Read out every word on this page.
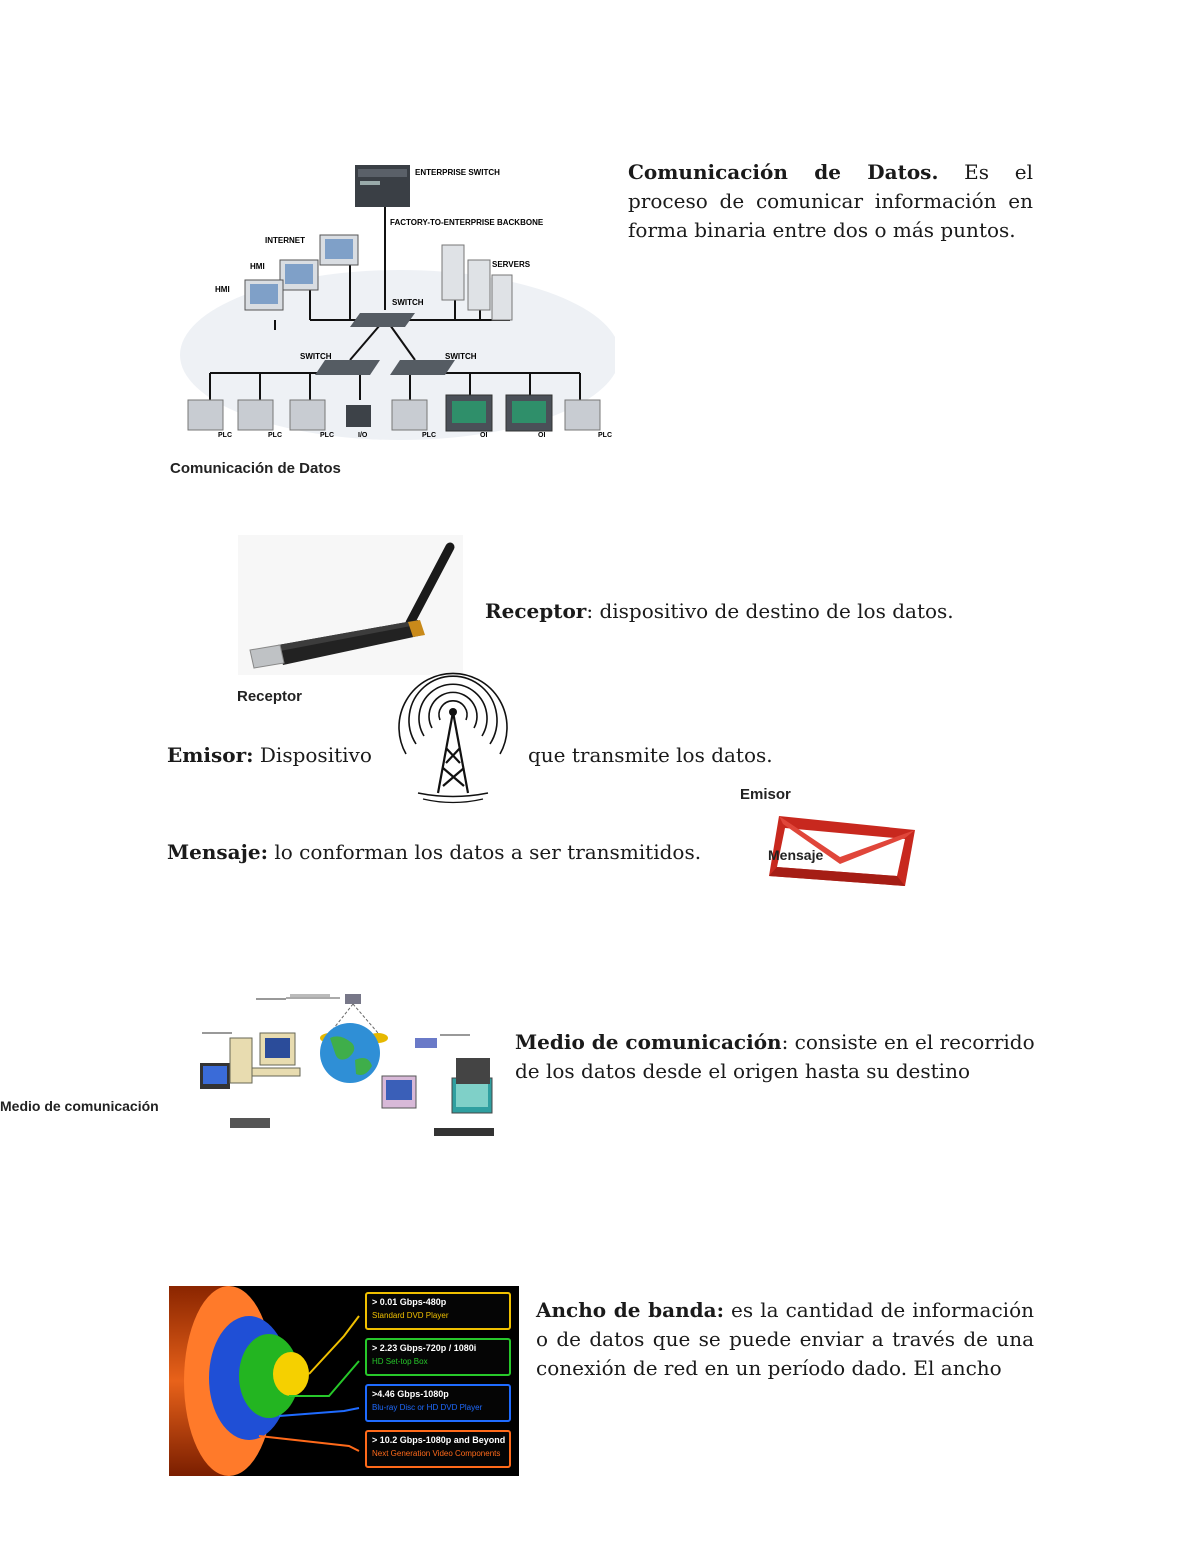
ENTERPRISE SWITCH
FACTORY-TO-ENTERPRISE BACKBONE
INTERNET
HMI
HMI
SERVERS
SWITCH
SWITCH	SWITCH
PLC	PLC	PLC	I/O	PLC	OI	OI	PLC
Comunicación de Datos
Comunicación de Datos. Es el proceso de comunicar información en forma binaria entre dos o más puntos.
Receptor
Receptor: dispositivo de destino de los datos.
Emisor: Dispositivo	que transmite los datos.
Emisor
Mensaje: lo conforman los datos a ser transmitidos.	Mensaje
Medio de comunicación
Medio de comunicación: consiste en el recorrido de los datos desde el origen hasta su destino
> 0.01 Gbps-480p
Standard DVD Player
> 2.23 Gbps-720p / 1080i
HD Set-top Box
>4.46 Gbps-1080p
Blu-ray Disc or HD DVD Player
> 10.2 Gbps-1080p and Beyond
Next Generation Video Components
Ancho de banda: es la cantidad de información o de datos que se puede enviar a través de una conexión de red en un período dado. El ancho
